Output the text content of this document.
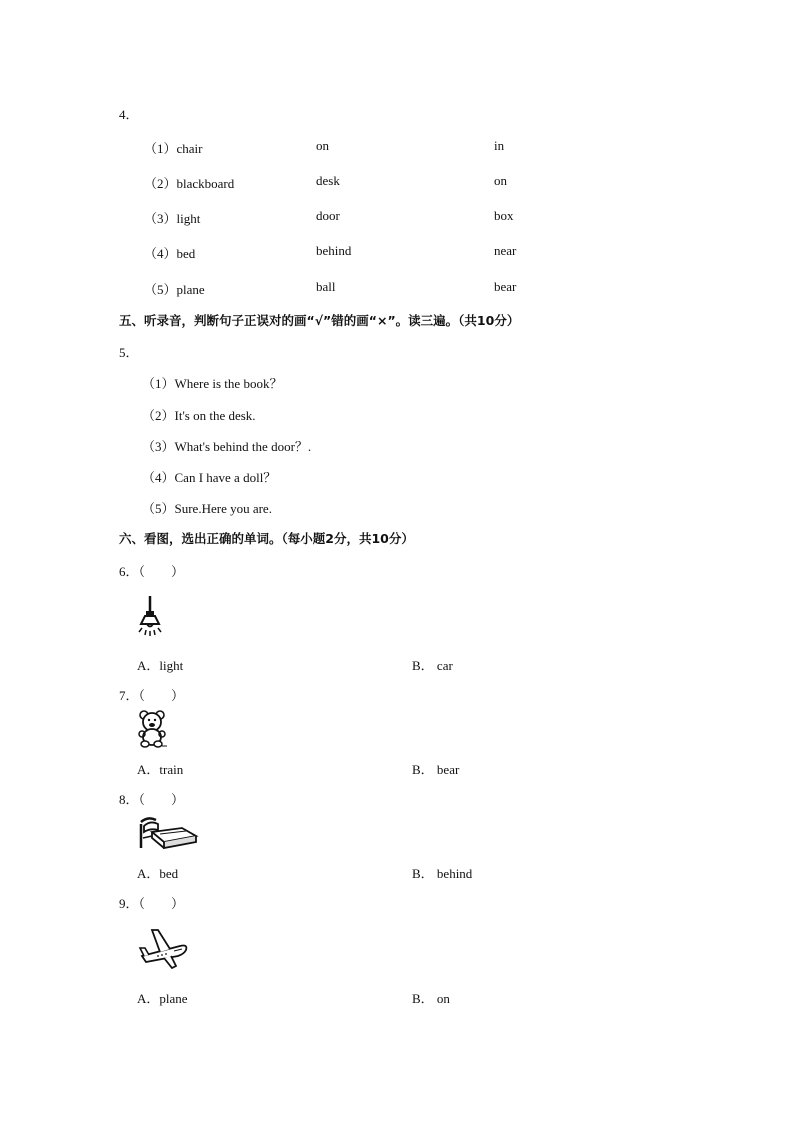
4．
（1）chair	on	in
（2）blackboard	desk	on
（3）light	door	box
（4）bed	behind	near
（5）plane	ball	bear
五、听录音，判断句子正误对的画“√”错的画“×”。读三遍。（共10分）
5．
（1）Where is the book？
（2）It's on the desk.
（3）What's behind the door？.
（4）Can I have a doll？
（5）Sure.Here you are.
六、看图，选出正确的单词。（每小题2分，共10分）
6．（　　）
A．light	B． car
7．（　　）
A．train	B． bear
8．（　　）
A．bed	B． behind
9．（　　）
A．plane	B． on
